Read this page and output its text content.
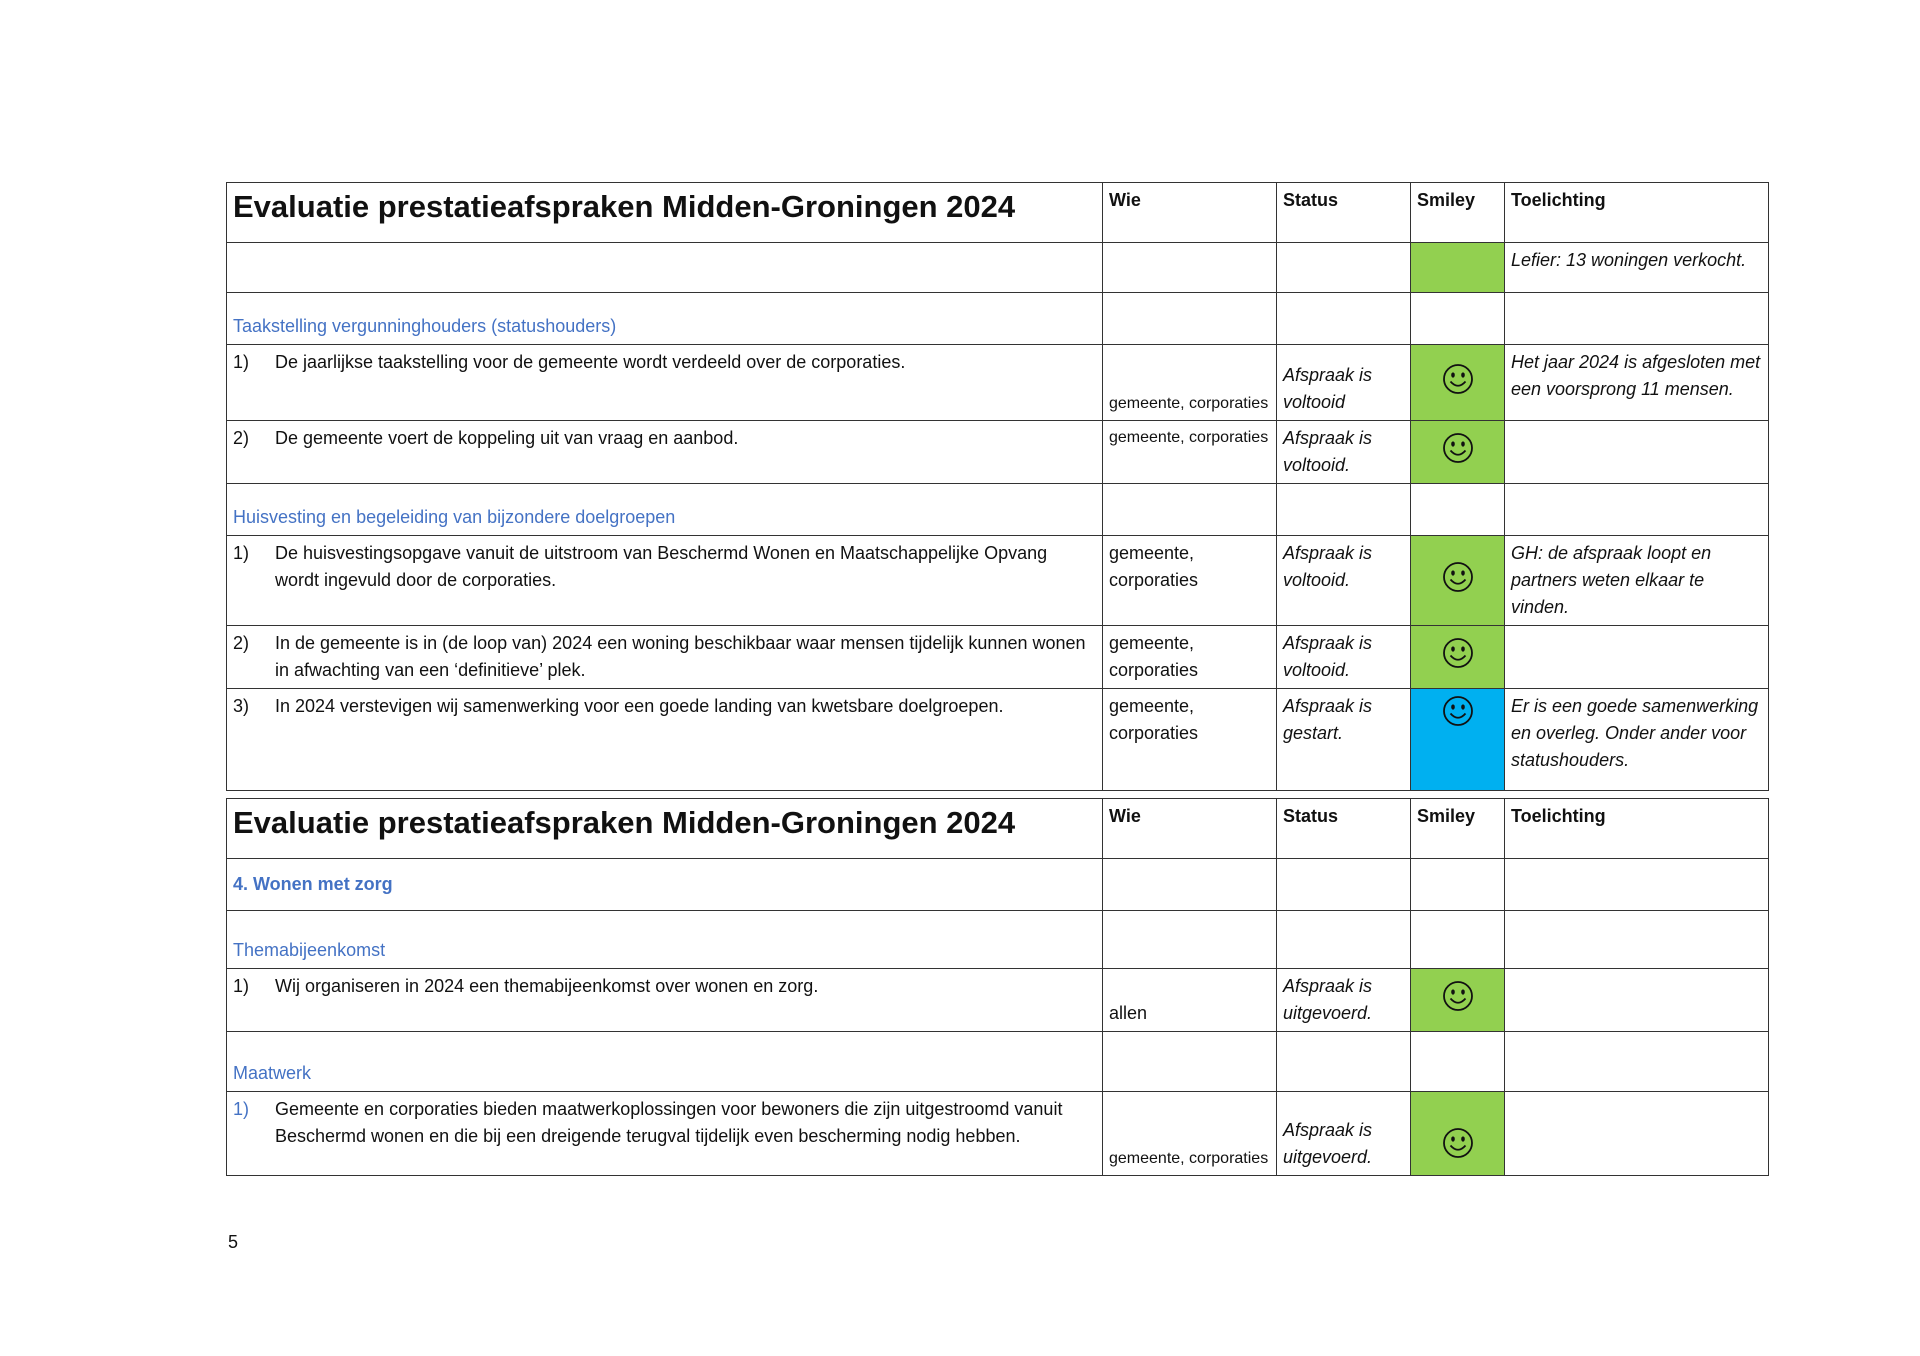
Evaluatie prestatieafspraken Midden-Groningen 2024	Wie	Status	Smiley	Toelichting
				Lefier: 13 woningen verkocht.
Taakstelling vergunninghouders (statushouders)				

1) De jaarlijkse taakstelling voor de gemeente wordt verdeeld over de corporaties.	gemeente, corporaties	Afspraak is voltooid		Het jaar 2024 is afgesloten met een voorsprong 11 mensen.

2) De gemeente voert de koppeling uit van vraag en aanbod.	gemeente, corporaties	Afspraak is voltooid.		
Huisvesting en begeleiding van bijzondere doelgroepen				

1) De huisvestingsopgave vanuit de uitstroom van Beschermd Wonen en Maatschappelijke Opvang wordt ingevuld door de corporaties.	gemeente, corporaties	Afspraak is voltooid.		GH: de afspraak loopt en partners weten elkaar te vinden.

2) In de gemeente is in (de loop van) 2024 een woning beschikbaar waar mensen tijdelijk kunnen wonen in afwachting van een ‘definitieve’ plek.	gemeente, corporaties	Afspraak is voltooid.		

3) In 2024 verstevigen wij samenwerking voor een goede landing van kwetsbare doelgroepen.	gemeente, corporaties	Afspraak is gestart.		Er is een goede samenwerking en overleg. Onder ander voor statushouders.
Evaluatie prestatieafspraken Midden-Groningen 2024	Wie	Status	Smiley	Toelichting
4. Wonen met zorg				
Themabijeenkomst				

1) Wij organiseren in 2024 een themabijeenkomst over wonen en zorg.	allen	Afspraak is uitgevoerd.		
Maatwerk				

1) Gemeente en corporaties bieden maatwerkoplossingen voor bewoners die zijn uitgestroomd vanuit Beschermd wonen en die bij een dreigende terugval tijdelijk even bescherming nodig hebben.	gemeente, corporaties	Afspraak is uitgevoerd.		
5
